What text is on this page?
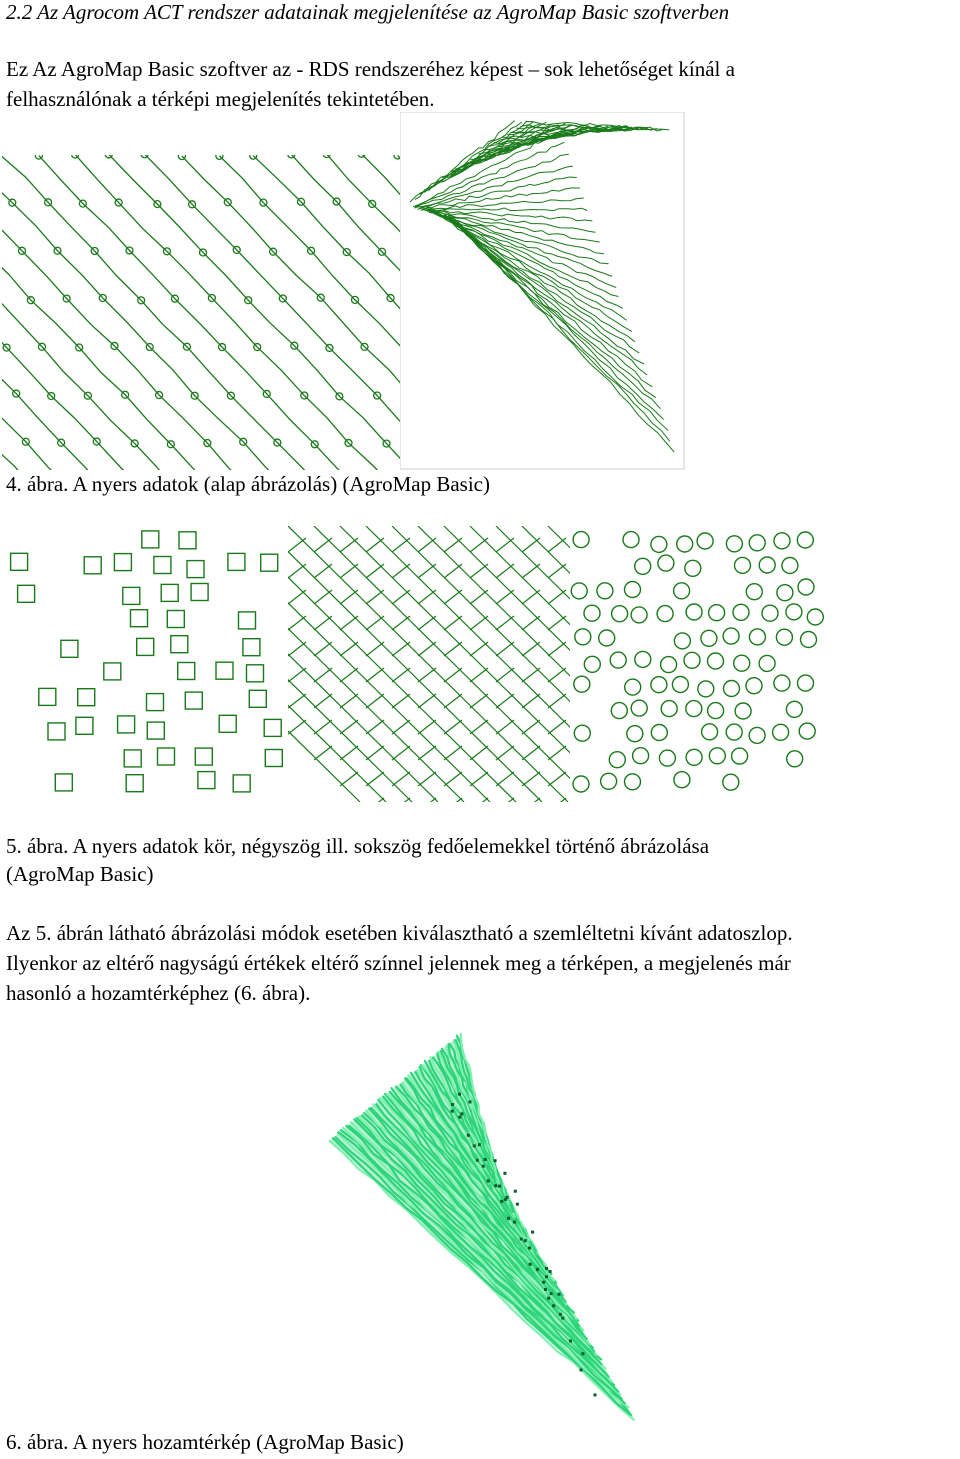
2.2 Az Agrocom ACT rendszer adatainak megjelenítése az AgroMap Basic szoftverben
Ez Az AgroMap Basic szoftver az - RDS rendszeréhez képest – sok lehetőséget kínál a
felhasználónak a térképi megjelenítés tekintetében.
4. ábra. A nyers adatok (alap ábrázolás) (AgroMap Basic)
5. ábra. A nyers adatok kör, négyszög ill. sokszög fedőelemekkel történő ábrázolása
(AgroMap Basic)
Az 5. ábrán látható ábrázolási módok esetében kiválasztható a szemléltetni kívánt adatoszlop.
Ilyenkor az eltérő nagyságú értékek eltérő színnel jelennek meg a térképen, a megjelenés már
hasonló a hozamtérképhez (6. ábra).
6. ábra. A nyers hozamtérkép (AgroMap Basic)
